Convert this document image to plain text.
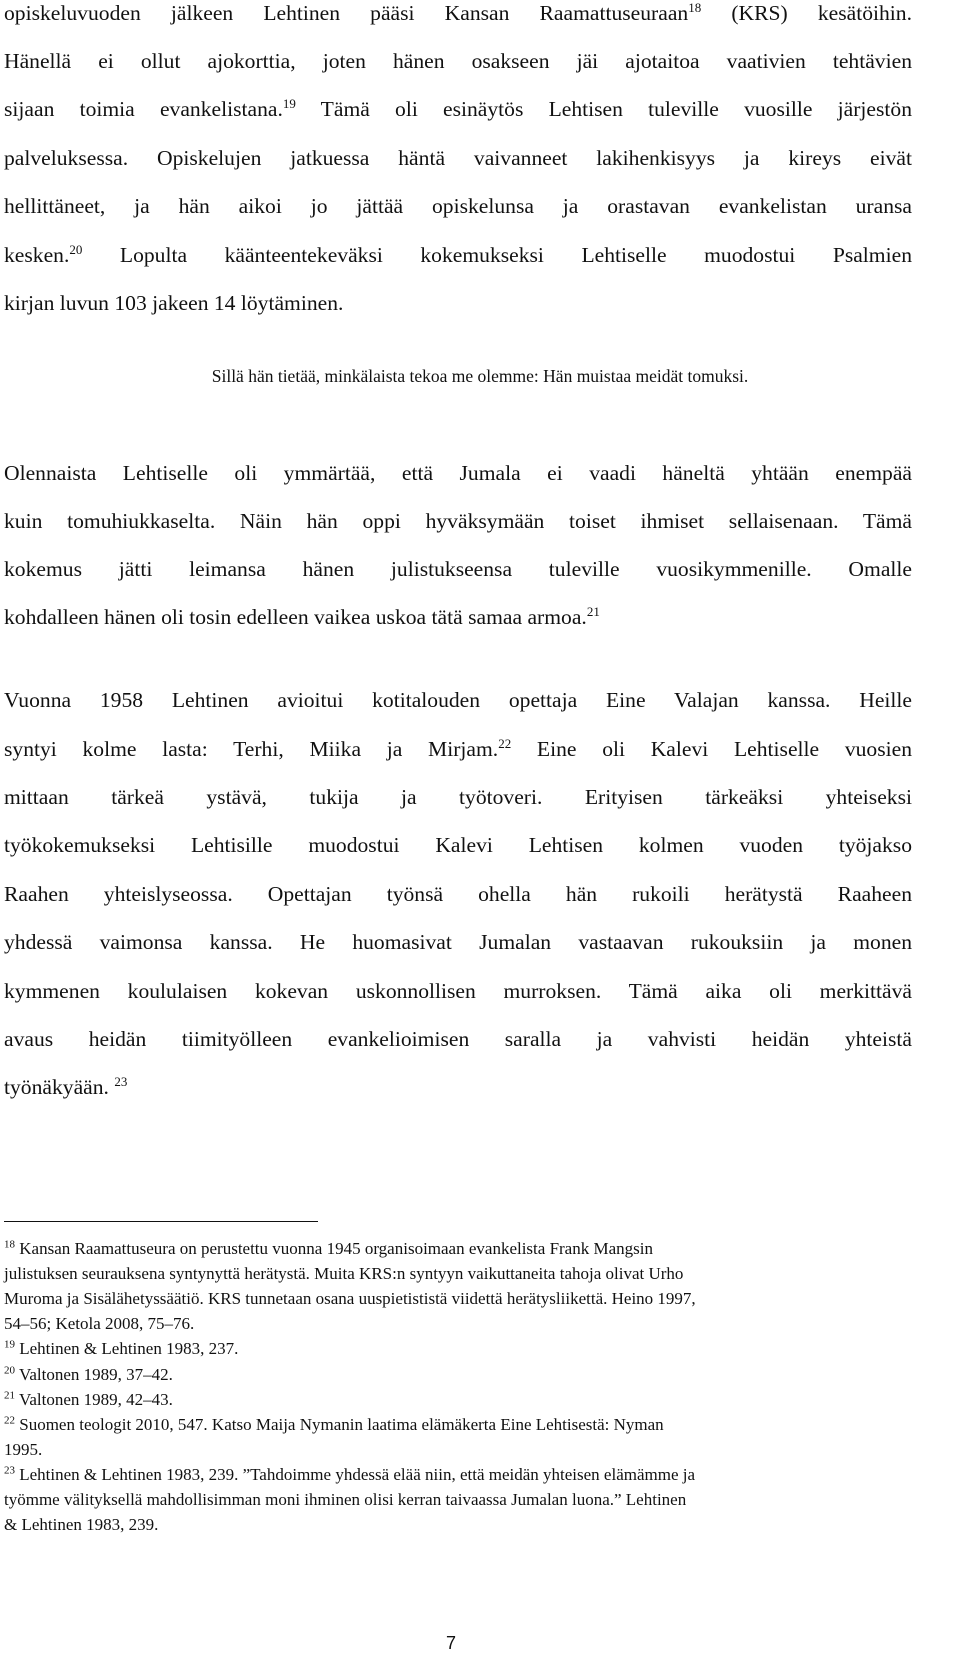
opiskeluvuoden jälkeen Lehtinen pääsi Kansan Raamattuseuraan$^{18}$ (KRS) kesätöihin.

Hänellä ei ollut ajokorttia, joten hänen osakseen jäi ajotaitoa vaativien tehtävien

sijaan toimia evankelistana.$^{19}$ Tämä oli esinäytös Lehtisen tuleville vuosille järjestön

palveluksessa. Opiskelujen jatkuessa häntä vaivanneet lakihenkisyys ja kireys eivät

hellittäneet, ja hän aikoi jo jättää opiskelunsa ja orastavan evankelistan uransa

kesken.$^{20}$ Lopulta käänteentekeväksi kokemukseksi Lehtiselle muodostui Psalmien

kirjan luvun 103 jakeen 14 löytäminen.

Sillä hän tietää, minkälaista tekoa me olemme: Hän muistaa meidät tomuksi.

Olennaista Lehtiselle oli ymmärtää, että Jumala ei vaadi häneltä yhtään enempää

kuin tomuhiukkaselta. Näin hän oppi hyväksymään toiset ihmiset sellaisenaan. Tämä

kokemus jätti leimansa hänen julistukseensa tuleville vuosikymmenille. Omalle

kohdalleen hänen oli tosin edelleen vaikea uskoa tätä samaa armoa.$^{21}$

Vuonna 1958 Lehtinen avioitui kotitalouden opettaja Eine Valajan kanssa. Heille

syntyi kolme lasta: Terhi, Miika ja Mirjam.$^{22}$ Eine oli Kalevi Lehtiselle vuosien

mittaan tärkeä ystävä, tukija ja työtoveri. Erityisen tärkeäksi yhteiseksi

työkokemukseksi Lehtisille muodostui Kalevi Lehtisen kolmen vuoden työjakso

Raahen yhteislyseossa. Opettajan työnsä ohella hän rukoili herätystä Raaheen

yhdessä vaimonsa kanssa. He huomasivat Jumalan vastaavan rukouksiin ja monen

kymmenen koululaisen kokevan uskonnollisen murroksen. Tämä aika oli merkittävä

avaus heidän tiimityölleen evankelioimisen saralla ja vahvisti heidän yhteistä

työnäkyään. $^{23}$

$^{18}$ Kansan Raamattuseura on perustettu vuonna 1945 organisoimaan evankelista Frank Mangsin

julistuksen seurauksena syntynyttä herätystä. Muita KRS:n syntyyn vaikuttaneita tahoja olivat Urho

Muroma ja Sisälähetyssäätiö. KRS tunnetaan osana uuspietististä viidettä herätysliikettä. Heino 1997,

54–56; Ketola 2008, 75–76.

$^{19}$ Lehtinen & Lehtinen 1983, 237.

$^{20}$ Valtonen 1989, 37–42.

$^{21}$ Valtonen 1989, 42–43.

$^{22}$ Suomen teologit 2010, 547. Katso Maija Nymanin laatima elämäkerta Eine Lehtisestä: Nyman

1995.

$^{23}$ Lehtinen & Lehtinen 1983, 239. ”Tahdoimme yhdessä elää niin, että meidän yhteisen elämämme ja

työmme välityksellä mahdollisimman moni ihminen olisi kerran taivaassa Jumalan luona.” Lehtinen

& Lehtinen 1983, 239.

7
